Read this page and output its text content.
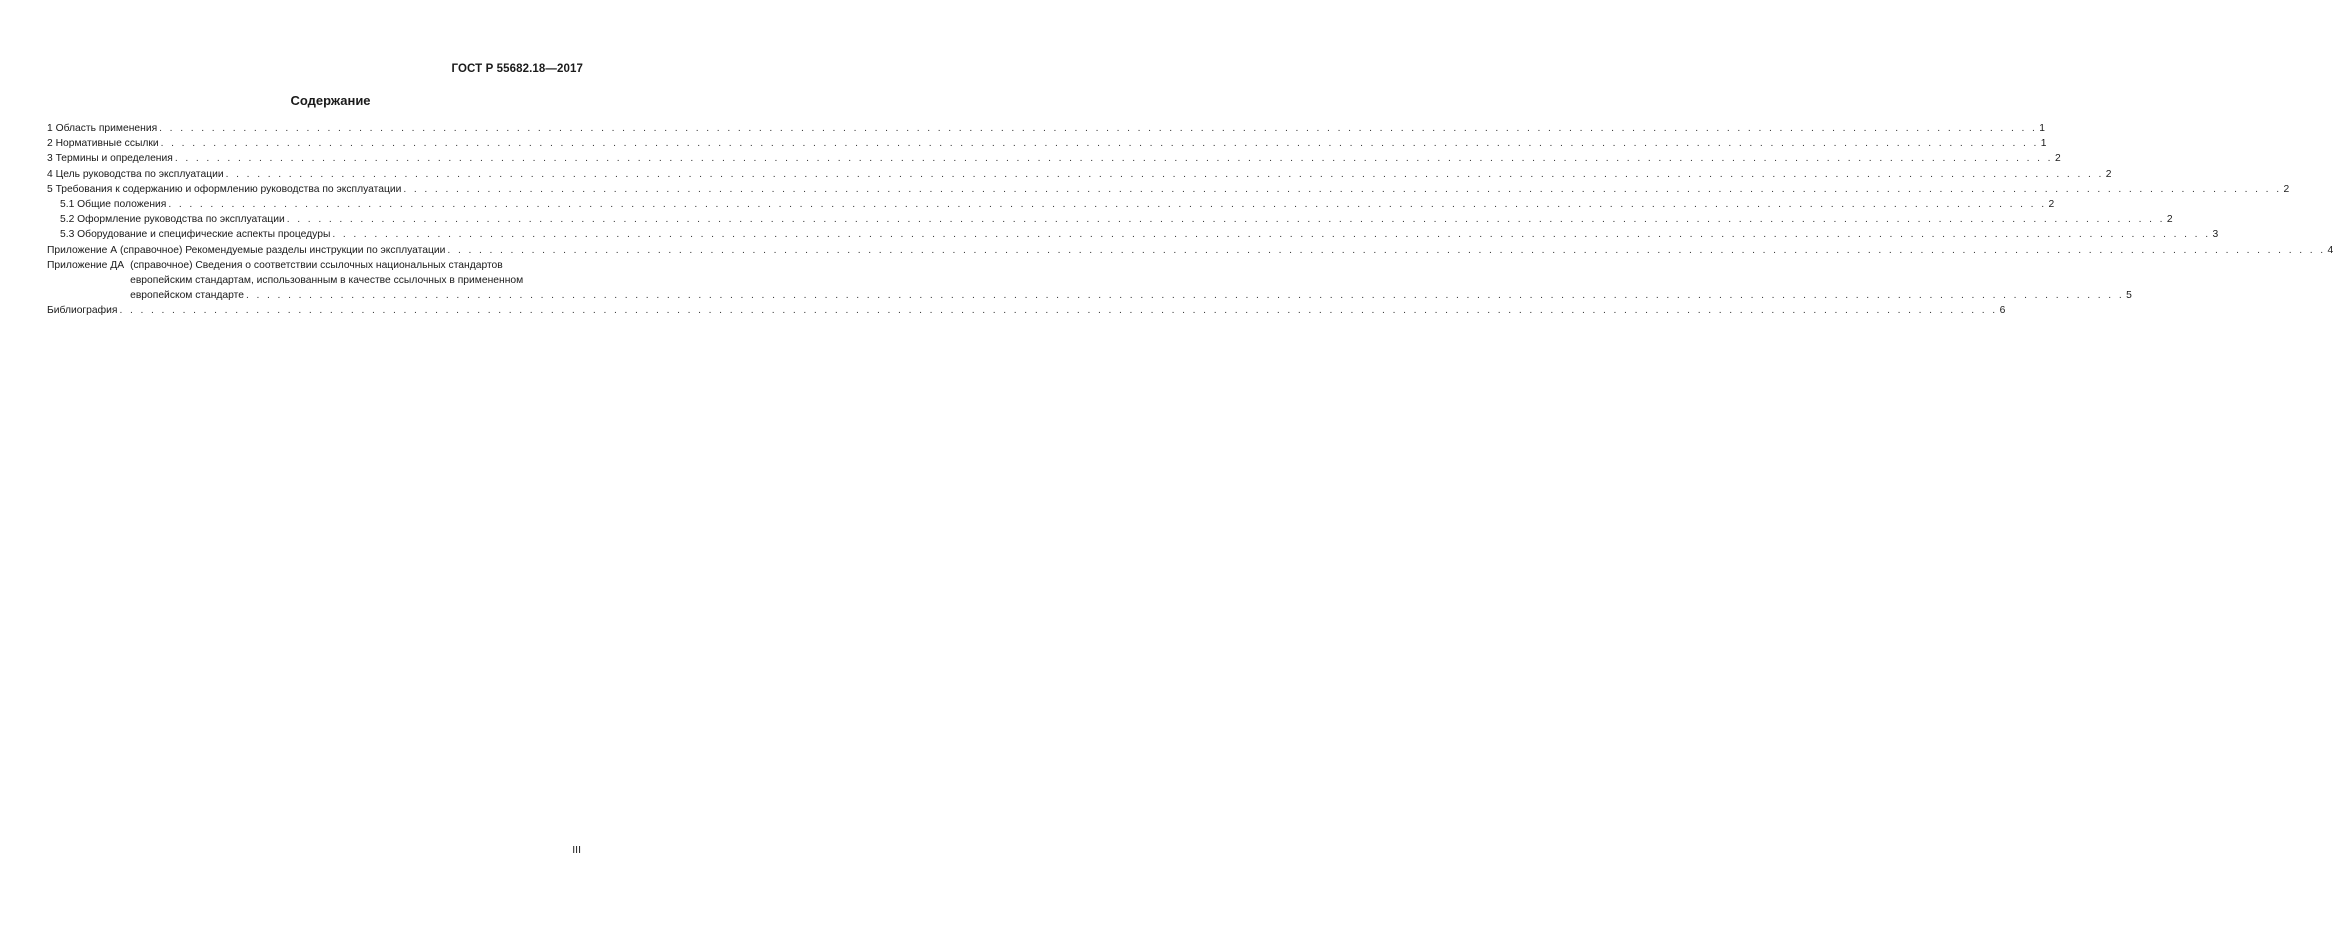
ГОСТ Р 55682.18—2017
Содержание
1 Область применения . . .	1
2 Нормативные ссылки . . .	1
3 Термины и определения . . .	2
4 Цель руководства по эксплуатации . . .	2
5 Требования к содержанию и оформлению руководства по эксплуатации . . .	2
5.1 Общие положения . . .	2
5.2 Оформление руководства по эксплуатации . . .	2
5.3 Оборудование и специфические аспекты процедуры . . .	3
Приложение А (справочное) Рекомендуемые разделы инструкции по эксплуатации . . .	4
Приложение ДА (справочное) Сведения о соответствии ссылочных национальных стандартов
европейским стандартам, использованным в качестве ссылочных в примененном
европейском стандарте . . .	5
Библиография . . .	6
III
